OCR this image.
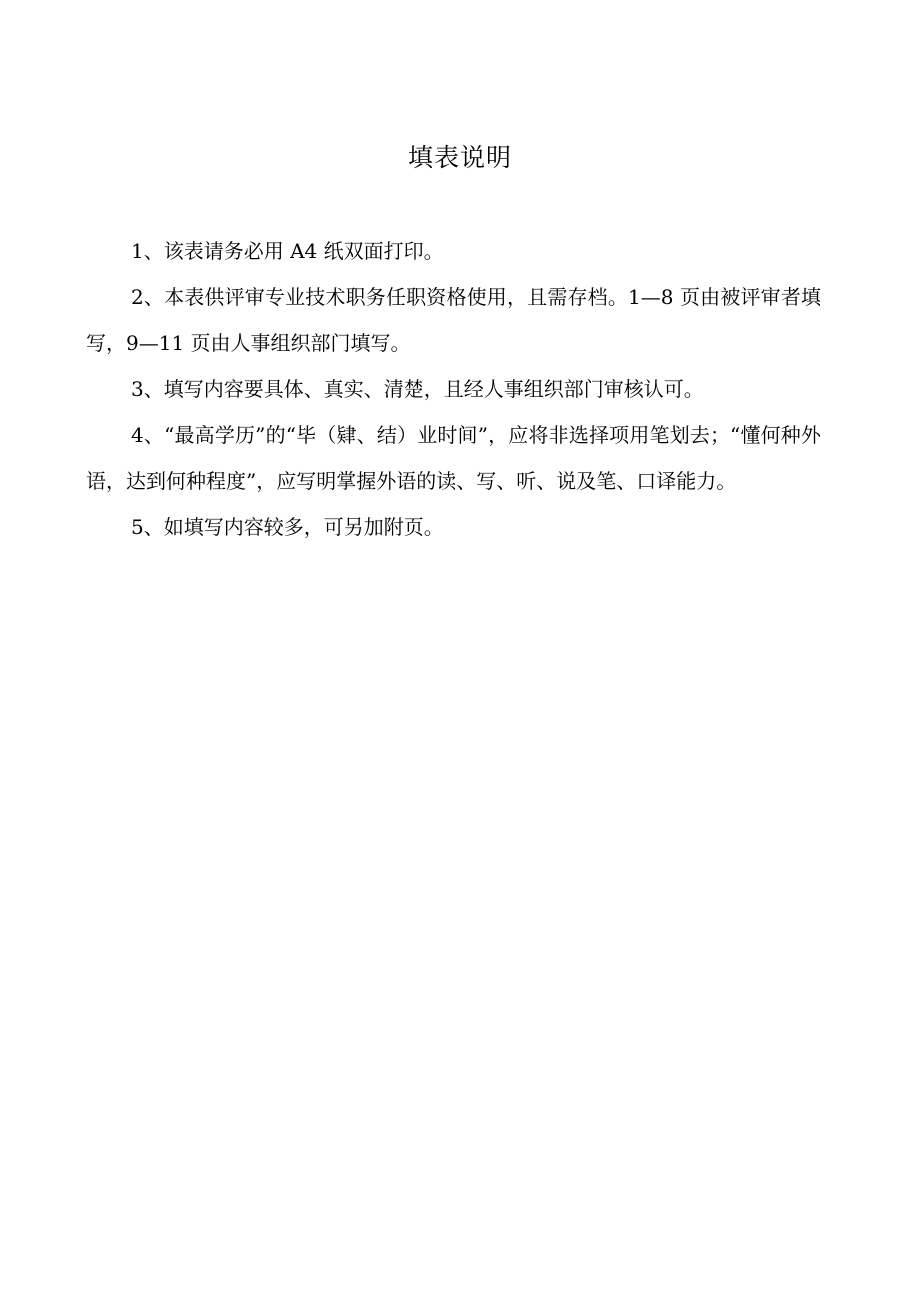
填表说明
1、该表请务必用 A4 纸双面打印。
2、本表供评审专业技术职务任职资格使用，且需存档。1—8 页由被评审者填写，9—11 页由人事组织部门填写。
3、填写内容要具体、真实、清楚，且经人事组织部门审核认可。
4、“最高学历”的“毕（肄、结）业时间”，应将非选择项用笔划去；“懂何种外语，达到何种程度”，应写明掌握外语的读、写、听、说及笔、口译能力。
5、如填写内容较多，可另加附页。
